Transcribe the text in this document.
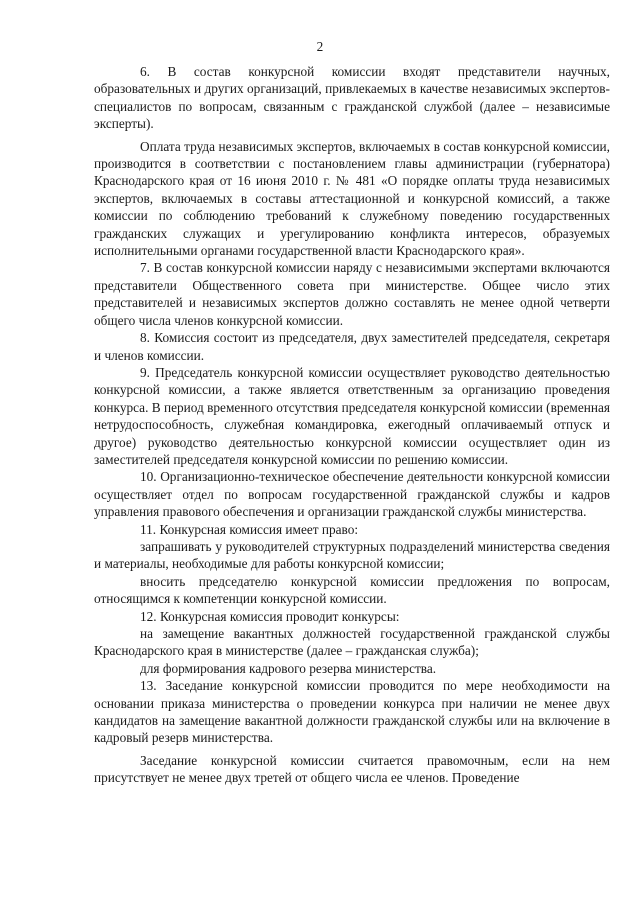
2

6. В состав конкурсной комиссии входят представители научных, образовательных и других организаций, привлекаемых в качестве независимых экспертов-специалистов по вопросам, связанным с гражданской службой (далее – независимые эксперты).

Оплата труда независимых экспертов, включаемых в состав конкурсной комиссии, производится в соответствии с постановлением главы администрации (губернатора) Краснодарского края от 16 июня 2010 г. № 481 «О порядке оплаты труда независимых экспертов, включаемых в составы аттестационной и конкурсной комиссий, а также комиссии по соблюдению требований к служебному поведению государственных гражданских служащих и урегулированию конфликта интересов, образуемых исполнительными органами государственной власти Краснодарского края».

7. В состав конкурсной комиссии наряду с независимыми экспертами включаются представители Общественного совета при министерстве. Общее число этих представителей и независимых экспертов должно составлять не менее одной четверти общего числа членов конкурсной комиссии.

8. Комиссия состоит из председателя, двух заместителей председателя, секретаря и членов комиссии.

9. Председатель конкурсной комиссии осуществляет руководство деятельностью конкурсной комиссии, а также является ответственным за организацию проведения конкурса. В период временного отсутствия председателя конкурсной комиссии (временная нетрудоспособность, служебная командировка, ежегодный оплачиваемый отпуск и другое) руководство деятельностью конкурсной комиссии осуществляет один из заместителей председателя конкурсной комиссии по решению комиссии.

10. Организационно-техническое обеспечение деятельности конкурсной комиссии осуществляет отдел по вопросам государственной гражданской службы и кадров управления правового обеспечения и организации гражданской службы министерства.

11. Конкурсная комиссия имеет право:

запрашивать у руководителей структурных подразделений министерства сведения и материалы, необходимые для работы конкурсной комиссии;

вносить председателю конкурсной комиссии предложения по вопросам, относящимся к компетенции конкурсной комиссии.

12. Конкурсная комиссия проводит конкурсы:

на замещение вакантных должностей государственной гражданской службы Краснодарского края в министерстве (далее – гражданская служба);

для формирования кадрового резерва министерства.

13. Заседание конкурсной комиссии проводится по мере необходимости на основании приказа министерства о проведении конкурса при наличии не менее двух кандидатов на замещение вакантной должности гражданской службы или на включение в кадровый резерв министерства.

Заседание конкурсной комиссии считается правомочным, если на нем присутствует не менее двух третей от общего числа ее членов. Проведение
